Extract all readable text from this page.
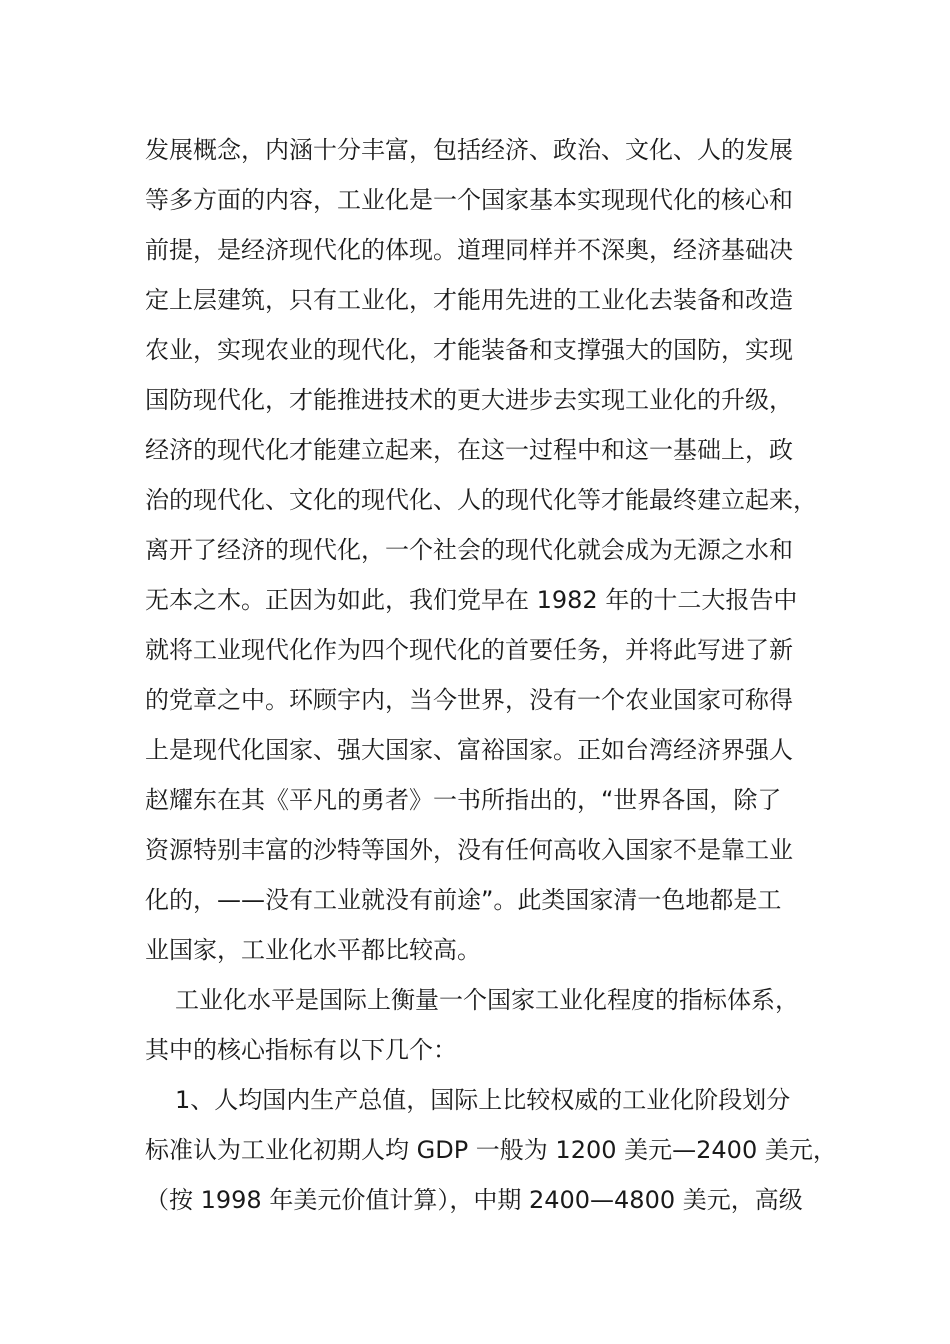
发展概念，内涵十分丰富，包括经济、政治、文化、人的发展
等多方面的内容，工业化是一个国家基本实现现代化的核心和
前提，是经济现代化的体现。道理同样并不深奥，经济基础决
定上层建筑，只有工业化，才能用先进的工业化去装备和改造
农业，实现农业的现代化，才能装备和支撑强大的国防，实现
国防现代化，才能推进技术的更大进步去实现工业化的升级，
经济的现代化才能建立起来，在这一过程中和这一基础上，政
治的现代化、文化的现代化、人的现代化等才能最终建立起来，
离开了经济的现代化，一个社会的现代化就会成为无源之水和
无本之木。正因为如此，我们党早在 1982 年的十二大报告中
就将工业现代化作为四个现代化的首要任务，并将此写进了新
的党章之中。环顾宇内，当今世界，没有一个农业国家可称得
上是现代化国家、强大国家、富裕国家。正如台湾经济界强人
赵耀东在其《平凡的勇者》一书所指出的，“世界各国，除了
资源特别丰富的沙特等国外，没有任何高收入国家不是靠工业
化的，——没有工业就没有前途”。此类国家清一色地都是工
业国家，工业化水平都比较高。
工业化水平是国际上衡量一个国家工业化程度的指标体系，
其中的核心指标有以下几个：
1、人均国内生产总值，国际上比较权威的工业化阶段划分
标准认为工业化初期人均 GDP 一般为 1200 美元—2400 美元，
（按 1998 年美元价值计算），中期 2400—4800 美元，高级
